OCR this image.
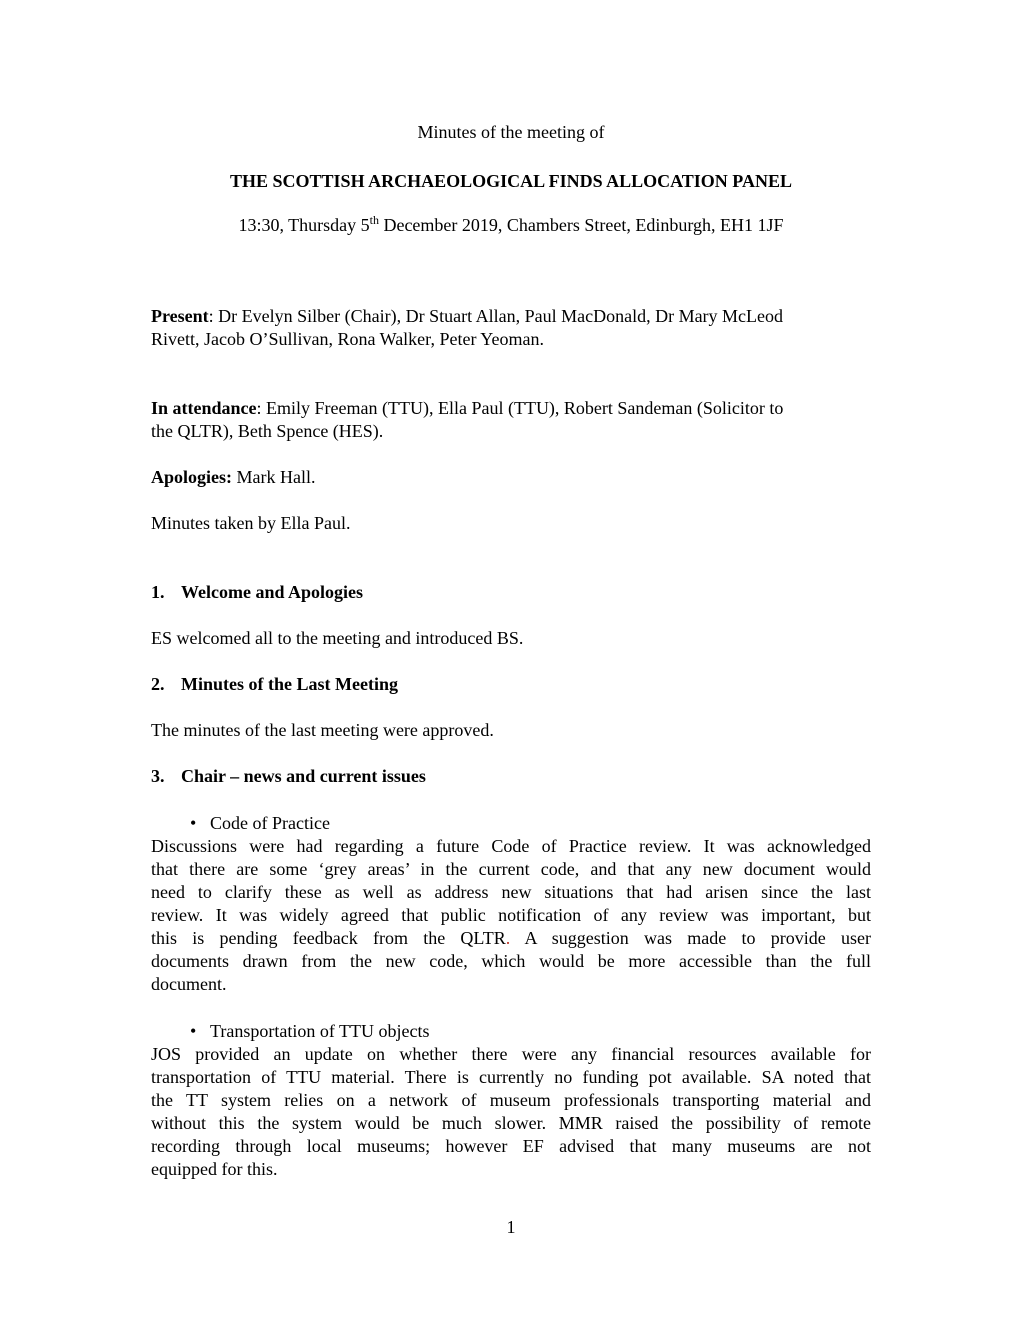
Minutes of the meeting of

THE SCOTTISH ARCHAEOLOGICAL FINDS ALLOCATION PANEL

13:30, Thursday 5th December 2019, Chambers Street, Edinburgh, EH1 1JF

Present: Dr Evelyn Silber (Chair), Dr Stuart Allan, Paul MacDonald, Dr Mary McLeod
Rivett, Jacob O’Sullivan, Rona Walker, Peter Yeoman.
In attendance: Emily Freeman (TTU), Ella Paul (TTU), Robert Sandeman (Solicitor to
the QLTR), Beth Spence (HES).
Apologies: Mark Hall.
Minutes taken by Ella Paul.
1. Welcome and Apologies
ES welcomed all to the meeting and introduced BS.
2. Minutes of the Last Meeting
The minutes of the last meeting were approved.
3. Chair – news and current issues
• Code of Practice
Discussions were had regarding a future Code of Practice review. It was acknowledged
that there are some ‘grey areas’ in the current code, and that any new document would
need to clarify these as well as address new situations that had arisen since the last
review. It was widely agreed that public notification of any review was important, but
this is pending feedback from the QLTR. A suggestion was made to provide user
documents drawn from the new code, which would be more accessible than the full
document.
• Transportation of TTU objects
JOS provided an update on whether there were any financial resources available for
transportation of TTU material. There is currently no funding pot available. SA noted that
the TT system relies on a network of museum professionals transporting material and
without this the system would be much slower. MMR raised the possibility of remote
recording through local museums; however EF advised that many museums are not
equipped for this.
1
